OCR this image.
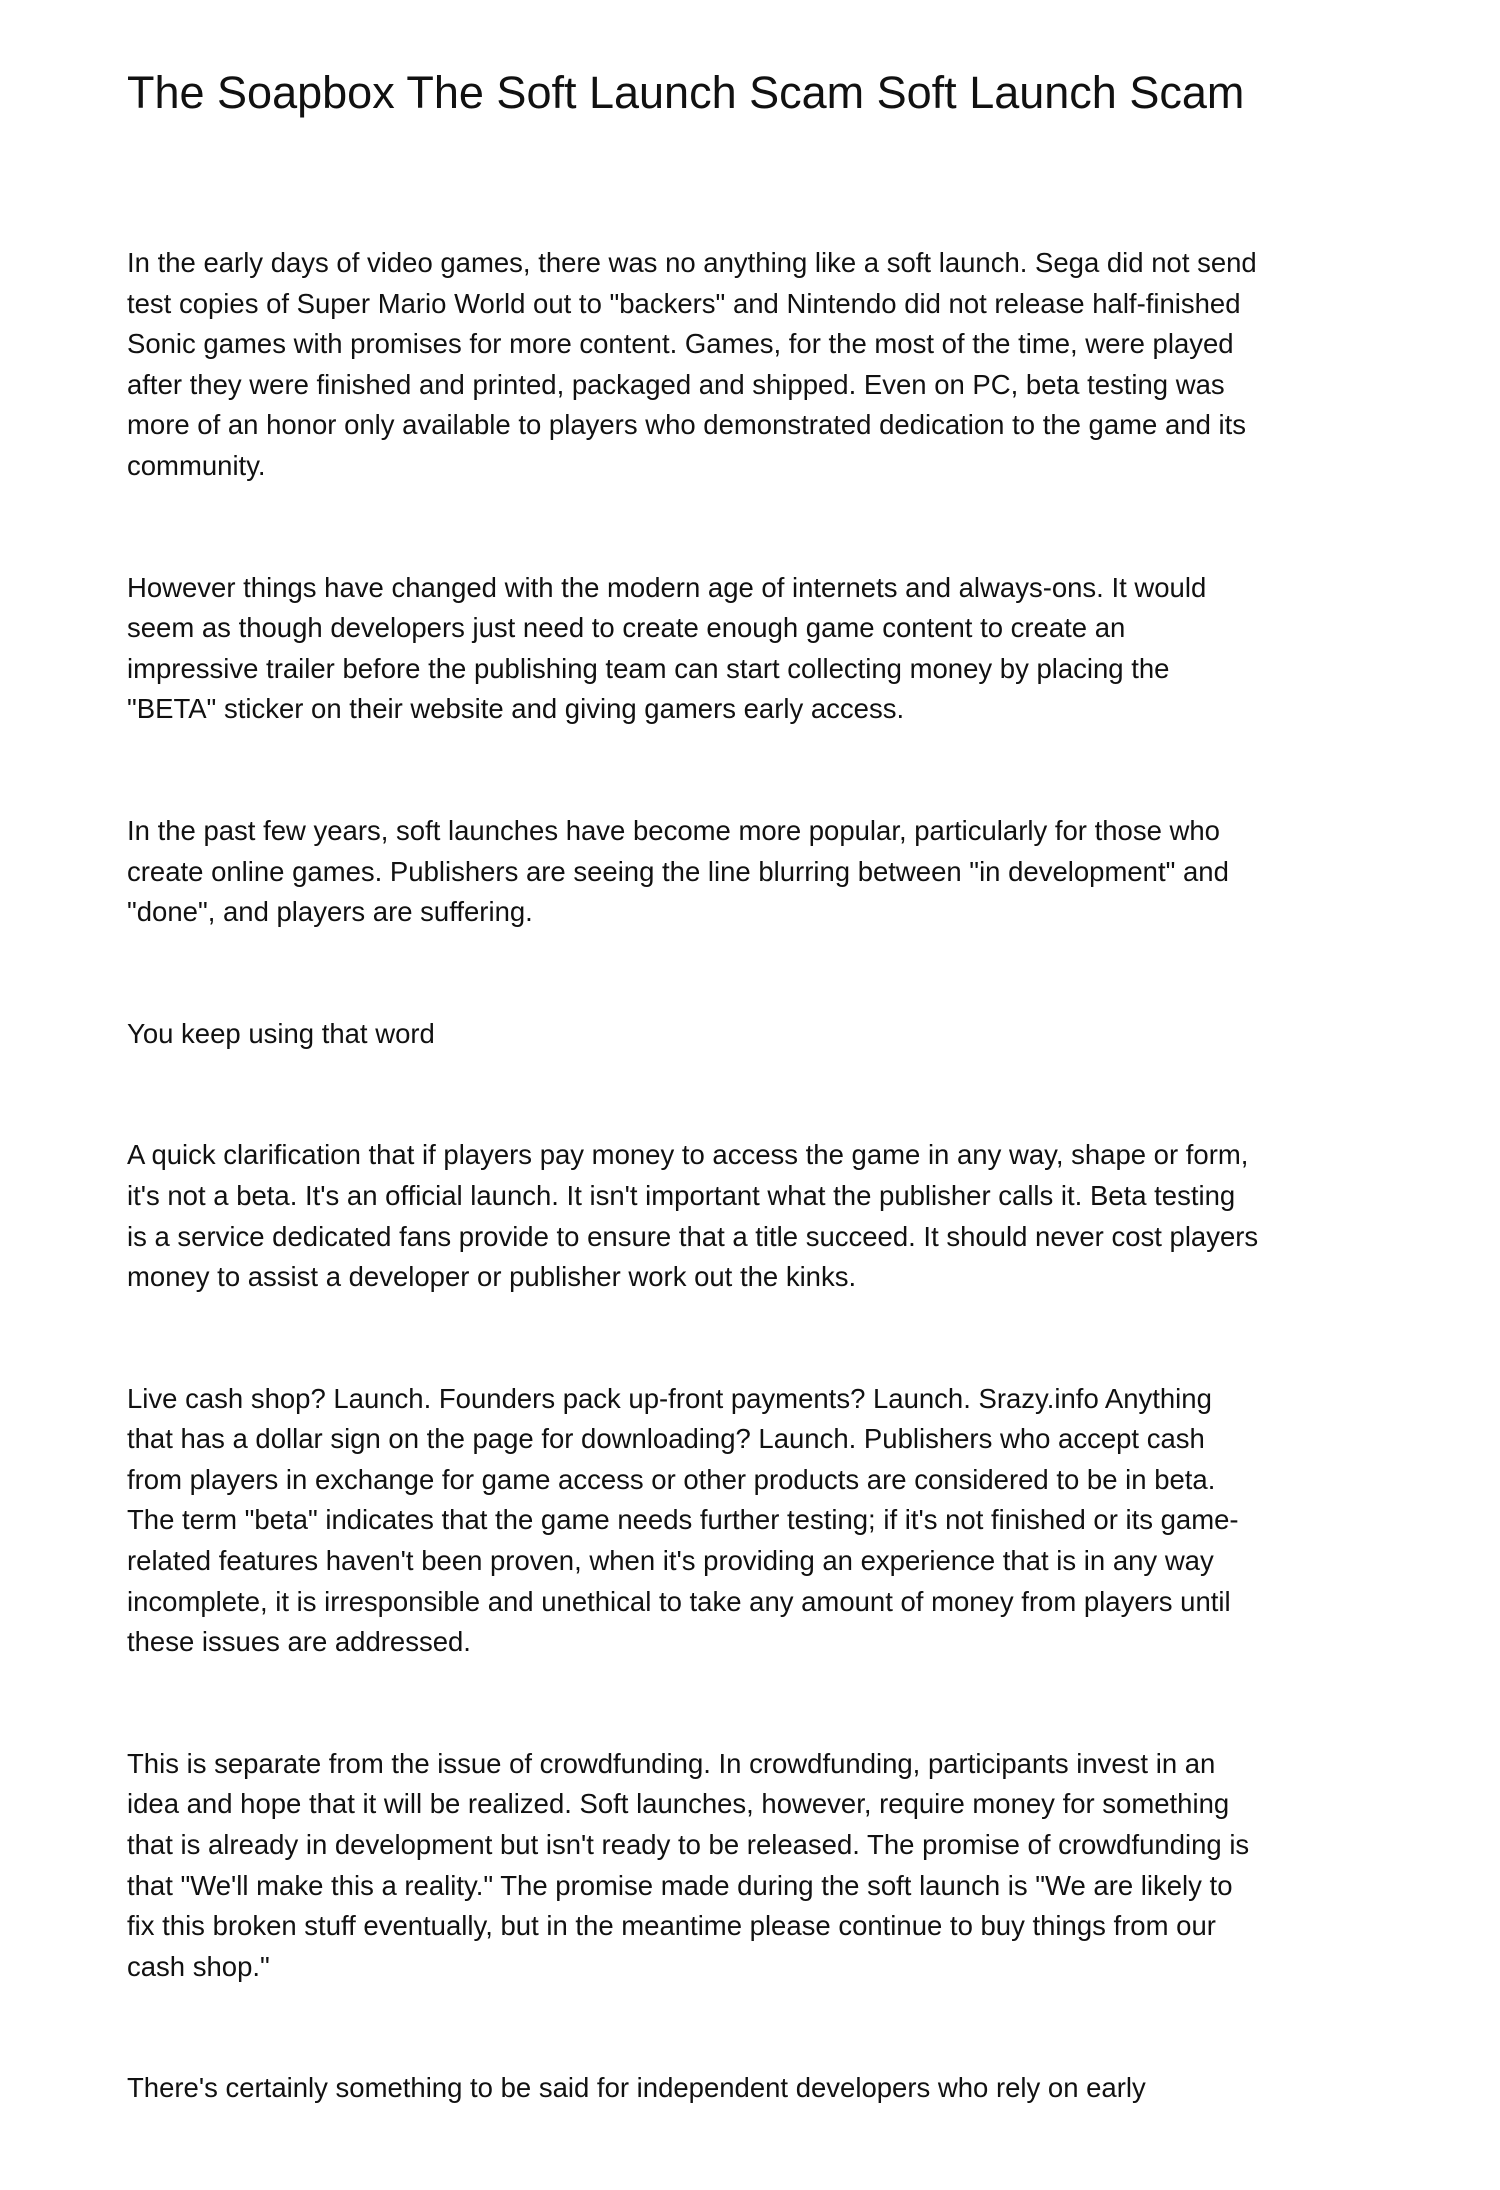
The Soapbox The Soft Launch Scam Soft Launch Scam

In the early days of video games, there was no anything like a soft launch. Sega did not send
test copies of Super Mario World out to "backers" and Nintendo did not release half-finished
Sonic games with promises for more content. Games, for the most of the time, were played
after they were finished and printed, packaged and shipped. Even on PC, beta testing was
more of an honor only available to players who demonstrated dedication to the game and its
community.

However things have changed with the modern age of internets and always-ons. It would
seem as though developers just need to create enough game content to create an
impressive trailer before the publishing team can start collecting money by placing the
"BETA" sticker on their website and giving gamers early access.

In the past few years, soft launches have become more popular, particularly for those who
create online games. Publishers are seeing the line blurring between "in development" and
"done", and players are suffering.

You keep using that word

A quick clarification that if players pay money to access the game in any way, shape or form,
it's not a beta. It's an official launch. It isn't important what the publisher calls it. Beta testing
is a service dedicated fans provide to ensure that a title succeed. It should never cost players
money to assist a developer or publisher work out the kinks.

Live cash shop? Launch. Founders pack up-front payments? Launch. Srazy.info Anything
that has a dollar sign on the page for downloading? Launch. Publishers who accept cash
from players in exchange for game access or other products are considered to be in beta.
The term "beta" indicates that the game needs further testing; if it's not finished or its game-
related features haven't been proven, when it's providing an experience that is in any way
incomplete, it is irresponsible and unethical to take any amount of money from players until
these issues are addressed.

This is separate from the issue of crowdfunding. In crowdfunding, participants invest in an
idea and hope that it will be realized. Soft launches, however, require money for something
that is already in development but isn't ready to be released. The promise of crowdfunding is
that "We'll make this a reality." The promise made during the soft launch is "We are likely to
fix this broken stuff eventually, but in the meantime please continue to buy things from our
cash shop."

There's certainly something to be said for independent developers who rely on early
